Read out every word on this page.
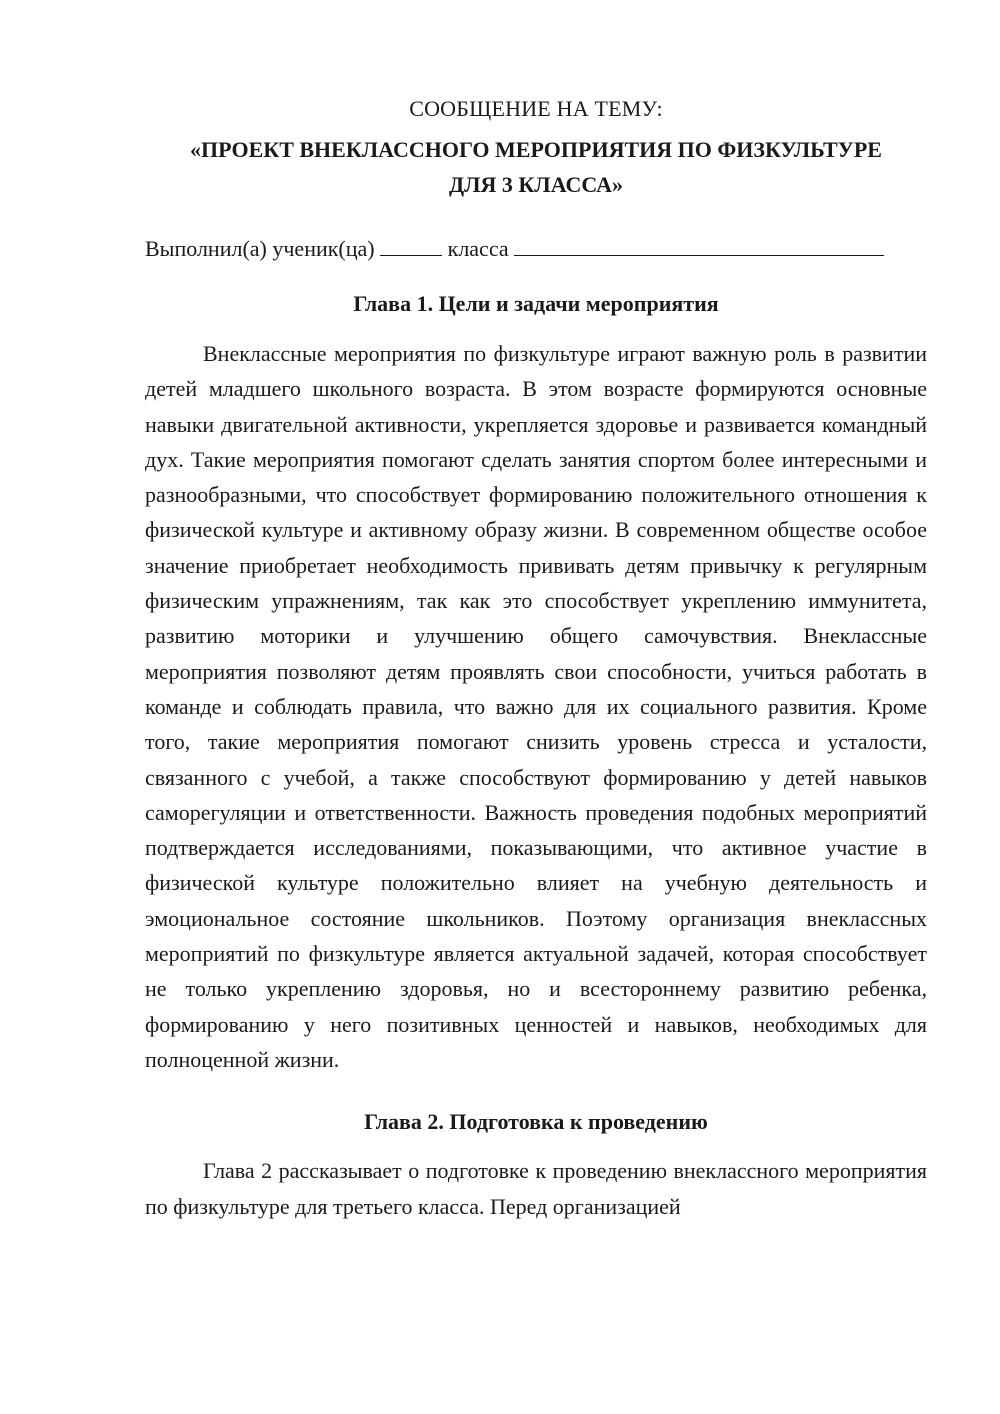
СООБЩЕНИЕ НА ТЕМУ:
«ПРОЕКТ ВНЕКЛАССНОГО МЕРОПРИЯТИЯ ПО ФИЗКУЛЬТУРЕ
ДЛЯ 3 КЛАССА»
Выполнил(а) ученик(ца)	класса
Глава 1. Цели и задачи мероприятия

Внеклассные мероприятия по физкультуре играют важную роль в развитии детей младшего школьного возраста. В этом возрасте формируются основные навыки двигательной активности, укрепляется здоровье и развивается командный дух. Такие мероприятия помогают сделать занятия спортом более интересными и разнообразными, что способствует формированию положительного отношения к физической культуре и активному образу жизни. В современном обществе особое значение приобретает необходимость прививать детям привычку к регулярным физическим упражнениям, так как это способствует укреплению иммунитета, развитию моторики и улучшению общего самочувствия. Внеклассные мероприятия позволяют детям проявлять свои способности, учиться работать в команде и соблюдать правила, что важно для их социального развития. Кроме того, такие мероприятия помогают снизить уровень стресса и усталости, связанного с учебой, а также способствуют формированию у детей навыков саморегуляции и ответственности. Важность проведения подобных мероприятий подтверждается исследованиями, показывающими, что активное участие в физической культуре положительно влияет на учебную деятельность и эмоциональное состояние школьников. Поэтому организация внеклассных мероприятий по физкультуре является актуальной задачей, которая способствует не только укреплению здоровья, но и всестороннему развитию ребенка, формированию у него позитивных ценностей и навыков, необходимых для полноценной жизни.

Глава 2. Подготовка к проведению

Глава 2 рассказывает о подготовке к проведению внеклассного мероприятия по физкультуре для третьего класса. Перед организацией
